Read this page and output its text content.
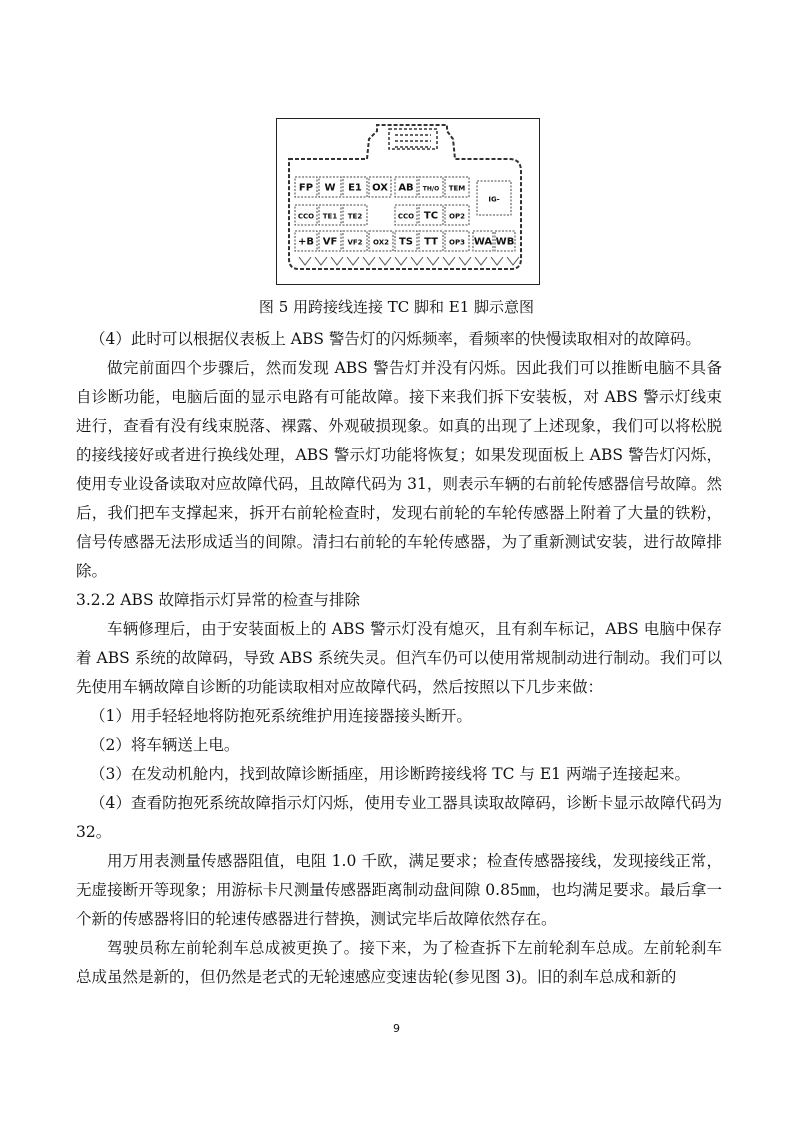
FP W E1 OX AB TH/O TEM
IG-
CCO TE1 TE2	CCO TC OP2
+B VF VF2 OX2 TS TT OP3 WA WB
图 5 用跨接线连接 TC 脚和 E1 脚示意图

（4）此时可以根据仪表板上 ABS 警告灯的闪烁频率，看频率的快慢读取相对的故障码。

做完前面四个步骤后，然而发现 ABS 警告灯并没有闪烁。因此我们可以推断电脑不具备自诊断功能，电脑后面的显示电路有可能故障。接下来我们拆下安装板，对 ABS 警示灯线束进行，查看有没有线束脱落、裸露、外观破损现象。如真的出现了上述现象，我们可以将松脱的接线接好或者进行换线处理，ABS 警示灯功能将恢复；如果发现面板上 ABS 警告灯闪烁，使用专业设备读取对应故障代码，且故障代码为 31，则表示车辆的右前轮传感器信号故障。然后，我们把车支撑起来，拆开右前轮检查时，发现右前轮的车轮传感器上附着了大量的铁粉，信号传感器无法形成适当的间隙。清扫右前轮的车轮传感器，为了重新测试安装，进行故障排除。

3.2.2 ABS 故障指示灯异常的检查与排除

车辆修理后，由于安装面板上的 ABS 警示灯没有熄灭，且有刹车标记，ABS 电脑中保存着 ABS 系统的故障码，导致 ABS 系统失灵。但汽车仍可以使用常规制动进行制动。我们可以先使用车辆故障自诊断的功能读取相对应故障代码，然后按照以下几步来做：

（1）用手轻轻地将防抱死系统维护用连接器接头断开。

（2）将车辆送上电。

（3）在发动机舱内，找到故障诊断插座，用诊断跨接线将 TC 与 E1 两端子连接起来。

（4）查看防抱死系统故障指示灯闪烁，使用专业工器具读取故障码，诊断卡显示故障代码为 32。

用万用表测量传感器阻值，电阻 1.0 千欧，满足要求；检查传感器接线，发现接线正常，无虚接断开等现象；用游标卡尺测量传感器距离制动盘间隙 0.85㎜，也均满足要求。最后拿一个新的传感器将旧的轮速传感器进行替换，测试完毕后故障依然存在。

驾驶员称左前轮刹车总成被更换了。接下来，为了检查拆下左前轮刹车总成。左前轮刹车总成虽然是新的，但仍然是老式的无轮速感应变速齿轮(参见图 3)。旧的刹车总成和新的

9
